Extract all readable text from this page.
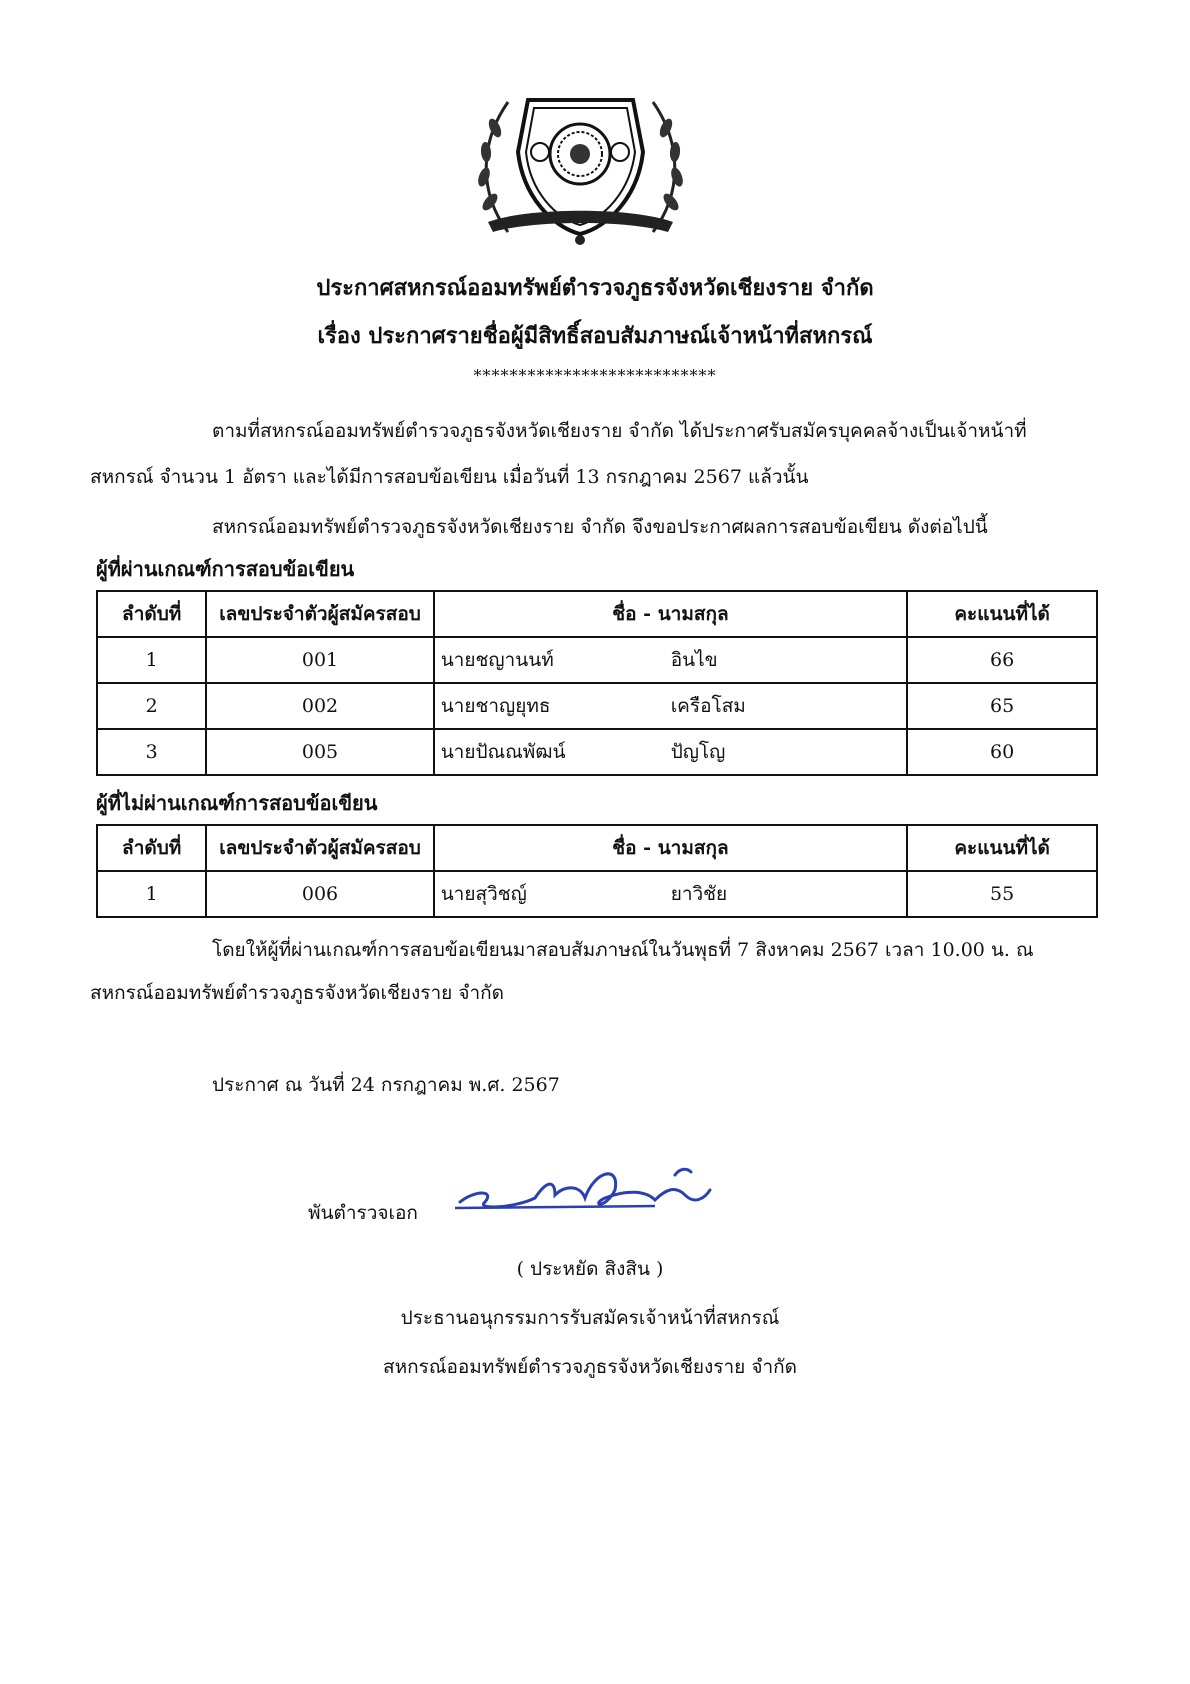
ประกาศสหกรณ์ออมทรัพย์ตำรวจภูธรจังหวัดเชียงราย จำกัด
เรื่อง ประกาศรายชื่อผู้มีสิทธิ์สอบสัมภาษณ์เจ้าหน้าที่สหกรณ์
***************************
ตามที่สหกรณ์ออมทรัพย์ตำรวจภูธรจังหวัดเชียงราย จำกัด ได้ประกาศรับสมัครบุคคลจ้างเป็นเจ้าหน้าที่
สหกรณ์ จำนวน 1 อัตรา และได้มีการสอบข้อเขียน เมื่อวันที่ 13 กรกฎาคม 2567 แล้วนั้น
สหกรณ์ออมทรัพย์ตำรวจภูธรจังหวัดเชียงราย จำกัด จึงขอประกาศผลการสอบข้อเขียน ดังต่อไปนี้
ผู้ที่ผ่านเกณฑ์การสอบข้อเขียน
ลำดับที่	เลขประจำตัวผู้สมัครสอบ	ชื่อ - นามสกุล	คะแนนที่ได้
1	001	นายชญานนท์ อินไข	66
2	002	นายชาญยุทธ เครือโสม	65
3	005	นายปัณณพัฒน์ ปัญโญ	60
ผู้ที่ไม่ผ่านเกณฑ์การสอบข้อเขียน
ลำดับที่	เลขประจำตัวผู้สมัครสอบ	ชื่อ - นามสกุล	คะแนนที่ได้
1	006	นายสุวิชญ์ ยาวิชัย	55
โดยให้ผู้ที่ผ่านเกณฑ์การสอบข้อเขียนมาสอบสัมภาษณ์ในวันพุธที่ 7 สิงหาคม 2567 เวลา 10.00 น. ณ
สหกรณ์ออมทรัพย์ตำรวจภูธรจังหวัดเชียงราย จำกัด
ประกาศ ณ วันที่ 24 กรกฎาคม พ.ศ. 2567
พันตำรวจเอก
( ประหยัด สิงสิน )
ประธานอนุกรรมการรับสมัครเจ้าหน้าที่สหกรณ์
สหกรณ์ออมทรัพย์ตำรวจภูธรจังหวัดเชียงราย จำกัด
